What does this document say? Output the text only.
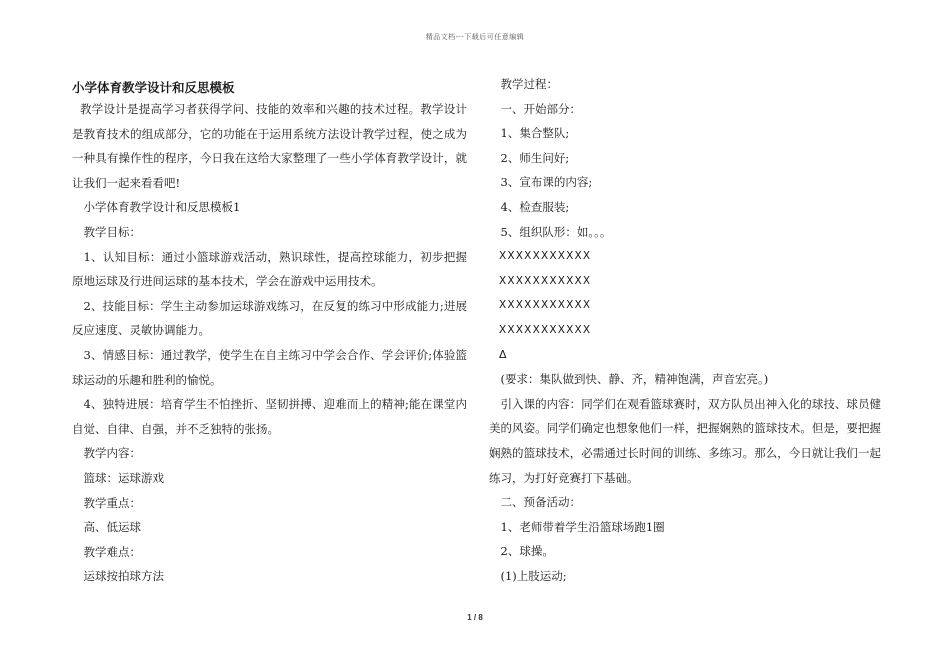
精品文档---下载后可任意编辑
小学体育教学设计和反思模板

教学设计是提高学习者获得学问、技能的效率和兴趣的技术过程。教学设计是教育技术的组成部分，它的功能在于运用系统方法设计教学过程，使之成为一种具有操作性的程序，今日我在这给大家整理了一些小学体育教学设计，就让我们一起来看看吧!

小学体育教学设计和反思模板1

教学目标：

1、认知目标：通过小篮球游戏活动，熟识球性，提高控球能力，初步把握原地运球及行进间运球的基本技术，学会在游戏中运用技术。

2、技能目标：学生主动参加运球游戏练习，在反复的练习中形成能力;进展反应速度、灵敏协调能力。

3、情感目标：通过教学，使学生在自主练习中学会合作、学会评价;体验篮球运动的乐趣和胜利的愉悦。

4、独特进展：培育学生不怕挫折、坚韧拼搏、迎难而上的精神;能在课堂内自觉、自律、自强，并不乏独特的张扬。

教学内容：

篮球：运球游戏

教学重点：

高、低运球

教学难点：

运球按拍球方法

教学过程：

一、开始部分：

1、集合整队;

2、师生问好;

3、宣布课的内容;

4、检查服装;

5、组织队形：如。。。

XXXXXXXXXXX

XXXXXXXXXXX

XXXXXXXXXXX

XXXXXXXXXXX

Δ

(要求：集队做到快、静、齐，精神饱满，声音宏亮。)

引入课的内容：同学们在观看篮球赛时，双方队员出神入化的球技、球员健美的风姿。同学们确定也想象他们一样，把握娴熟的篮球技术。但是，要把握娴熟的篮球技术，必需通过长时间的训练、多练习。那么，今日就让我们一起练习，为打好竞赛打下基础。

二、预备活动：

1、老师带着学生沿篮球场跑1圈

2、球操。

(1)上肢运动;

1 / 8
